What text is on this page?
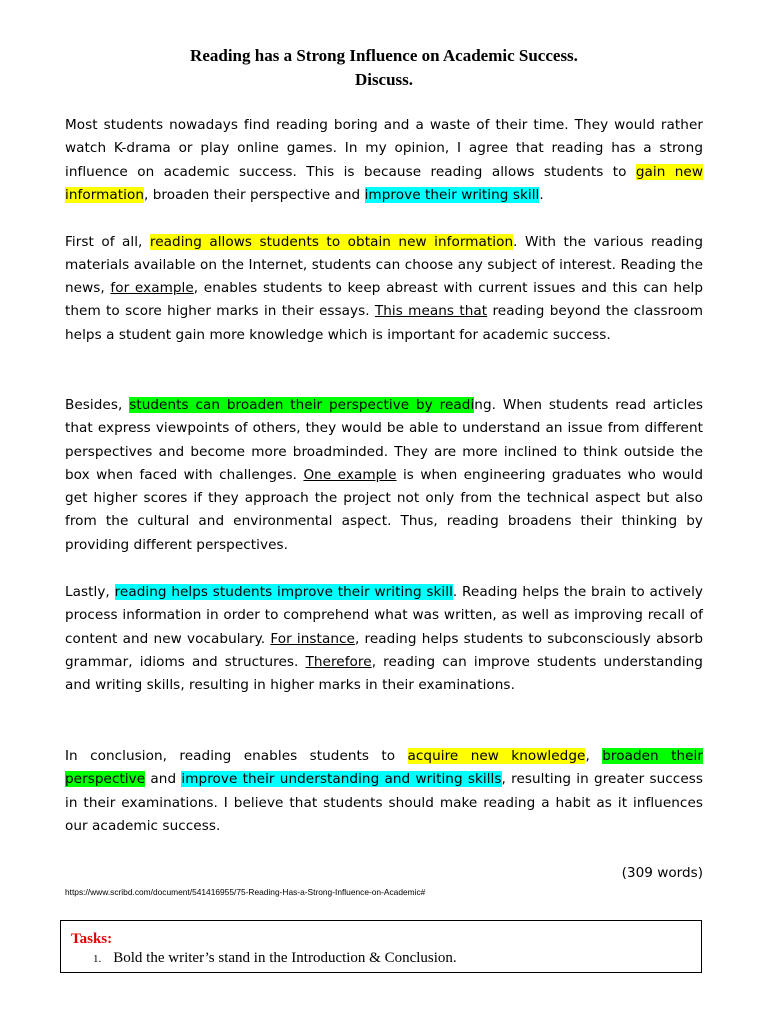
Reading has a Strong Influence on Academic Success.
Discuss.

Most students nowadays find reading boring and a waste of their time. They would rather watch K-drama or play online games. In my opinion, I agree that reading has a strong influence on academic success. This is because reading allows students to gain new information, broaden their perspective and improve their writing skill.

First of all, reading allows students to obtain new information. With the various reading materials available on the Internet, students can choose any subject of interest. Reading the news, for example, enables students to keep abreast with current issues and this can help them to score higher marks in their essays. This means that reading beyond the classroom helps a student gain more knowledge which is important for academic success.

Besides, students can broaden their perspective by reading. When students read articles that express viewpoints of others, they would be able to understand an issue from different perspectives and become more broadminded. They are more inclined to think outside the box when faced with challenges. One example is when engineering graduates who would get higher scores if they approach the project not only from the technical aspect but also from the cultural and environmental aspect. Thus, reading broadens their thinking by providing different perspectives.

Lastly, reading helps students improve their writing skill. Reading helps the brain to actively process information in order to comprehend what was written, as well as improving recall of content and new vocabulary. For instance, reading helps students to subconsciously absorb grammar, idioms and structures. Therefore, reading can improve students understanding and writing skills, resulting in higher marks in their examinations.

In conclusion, reading enables students to acquire new knowledge, broaden their perspective and improve their understanding and writing skills, resulting in greater success in their examinations. I believe that students should make reading a habit as it influences our academic success.

(309 words)
https://www.scribd.com/document/541416955/75-Reading-Has-a-Strong-Influence-on-Academic#
Tasks:
1. Bold the writer’s stand in the Introduction & Conclusion.
